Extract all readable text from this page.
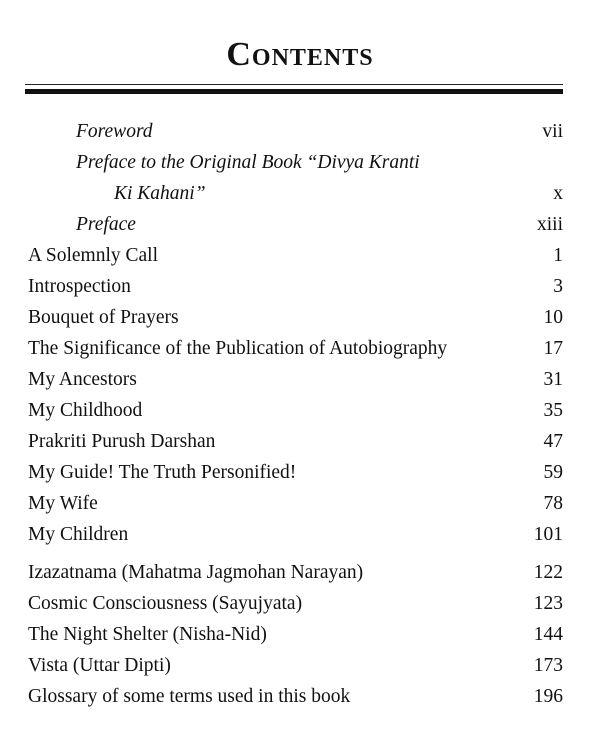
Contents
Foreword	vii
Preface to the Original Book “Divya Kranti
Ki Kahani”	x
Preface	xiii
A Solemnly Call	1
Introspection	3
Bouquet of Prayers	10
The Significance of the Publication of Autobiography	17
My Ancestors	31
My Childhood	35
Prakriti Purush Darshan	47
My Guide! The Truth Personified!	59
My Wife	78
My Children	101
Izazatnama (Mahatma Jagmohan Narayan)	122
Cosmic Consciousness (Sayujyata)	123
The Night Shelter (Nisha-Nid)	144
Vista (Uttar Dipti)	173
Glossary of some terms used in this book	196
